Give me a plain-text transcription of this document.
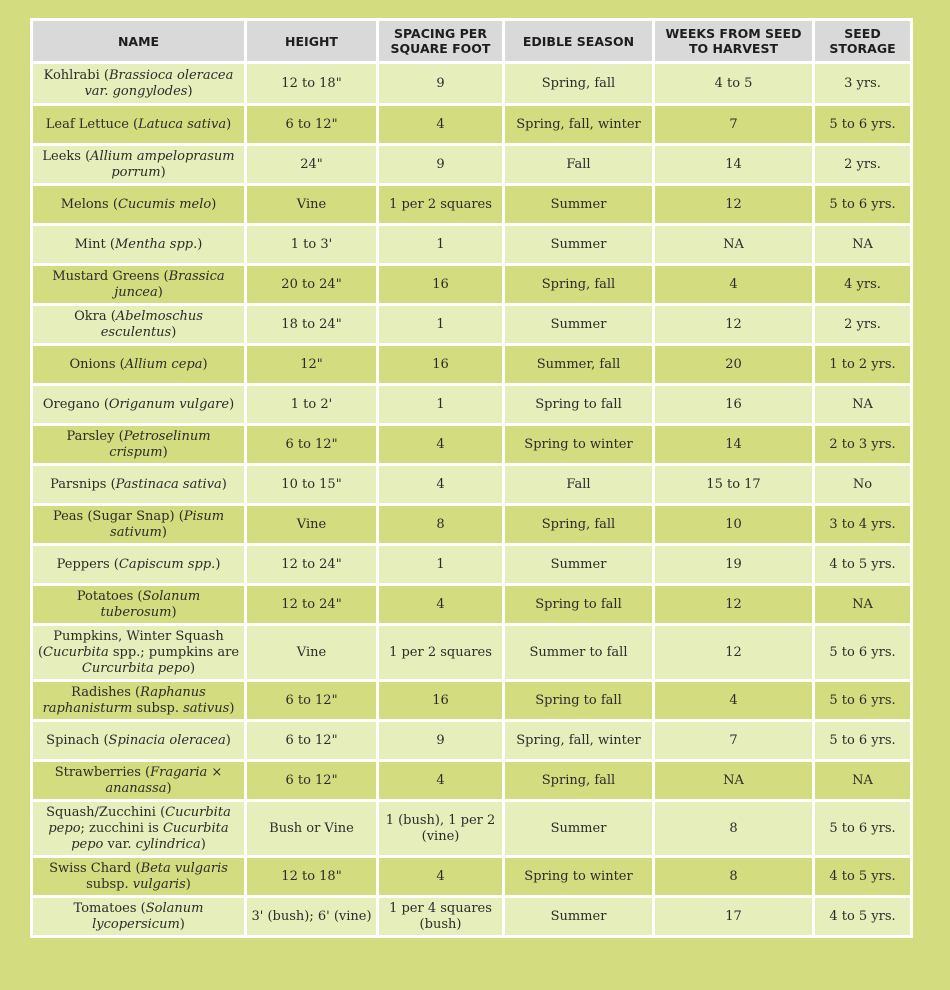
NAME	HEIGHT	SPACING PER SQUARE FOOT	EDIBLE SEASON	WEEKS FROM SEED TO HARVEST	SEED STORAGE
Kohlrabi (Brassioca oleracea var. gongylodes)	12 to 18"	9	Spring, fall	4 to 5	3 yrs.
Leaf Lettuce (Latuca sativa)	6 to 12"	4	Spring, fall, winter	7	5 to 6 yrs.
Leeks (Allium ampeloprasum porrum)	24"	9	Fall	14	2 yrs.
Melons (Cucumis melo)	Vine	1 per 2 squares	Summer	12	5 to 6 yrs.
Mint (Mentha spp.)	1 to 3'	1	Summer	NA	NA
Mustard Greens (Brassica juncea)	20 to 24"	16	Spring, fall	4	4 yrs.
Okra (Abelmoschus esculentus)	18 to 24"	1	Summer	12	2 yrs.
Onions (Allium cepa)	12"	16	Summer, fall	20	1 to 2 yrs.
Oregano (Origanum vulgare)	1 to 2'	1	Spring to fall	16	NA
Parsley (Petroselinum crispum)	6 to 12"	4	Spring to winter	14	2 to 3 yrs.
Parsnips (Pastinaca sativa)	10 to 15"	4	Fall	15 to 17	No
Peas (Sugar Snap) (Pisum sativum)	Vine	8	Spring, fall	10	3 to 4 yrs.
Peppers (Capiscum spp.)	12 to 24"	1	Summer	19	4 to 5 yrs.
Potatoes (Solanum tuberosum)	12 to 24"	4	Spring to fall	12	NA
Pumpkins, Winter Squash (Cucurbita spp.; pumpkins are Curcurbita pepo)	Vine	1 per 2 squares	Summer to fall	12	5 to 6 yrs.
Radishes (Raphanus raphanisturm subsp. sativus)	6 to 12"	16	Spring to fall	4	5 to 6 yrs.
Spinach (Spinacia oleracea)	6 to 12"	9	Spring, fall, winter	7	5 to 6 yrs.
Strawberries (Fragaria × ananassa)	6 to 12"	4	Spring, fall	NA	NA
Squash/Zucchini (Cucurbita pepo; zucchini is Cucurbita pepo var. cylindrica)	Bush or Vine	1 (bush), 1 per 2 (vine)	Summer	8	5 to 6 yrs.
Swiss Chard (Beta vulgaris subsp. vulgaris)	12 to 18"	4	Spring to winter	8	4 to 5 yrs.
Tomatoes (Solanum lycopersicum)	3' (bush); 6' (vine)	1 per 4 squares (bush)	Summer	17	4 to 5 yrs.
